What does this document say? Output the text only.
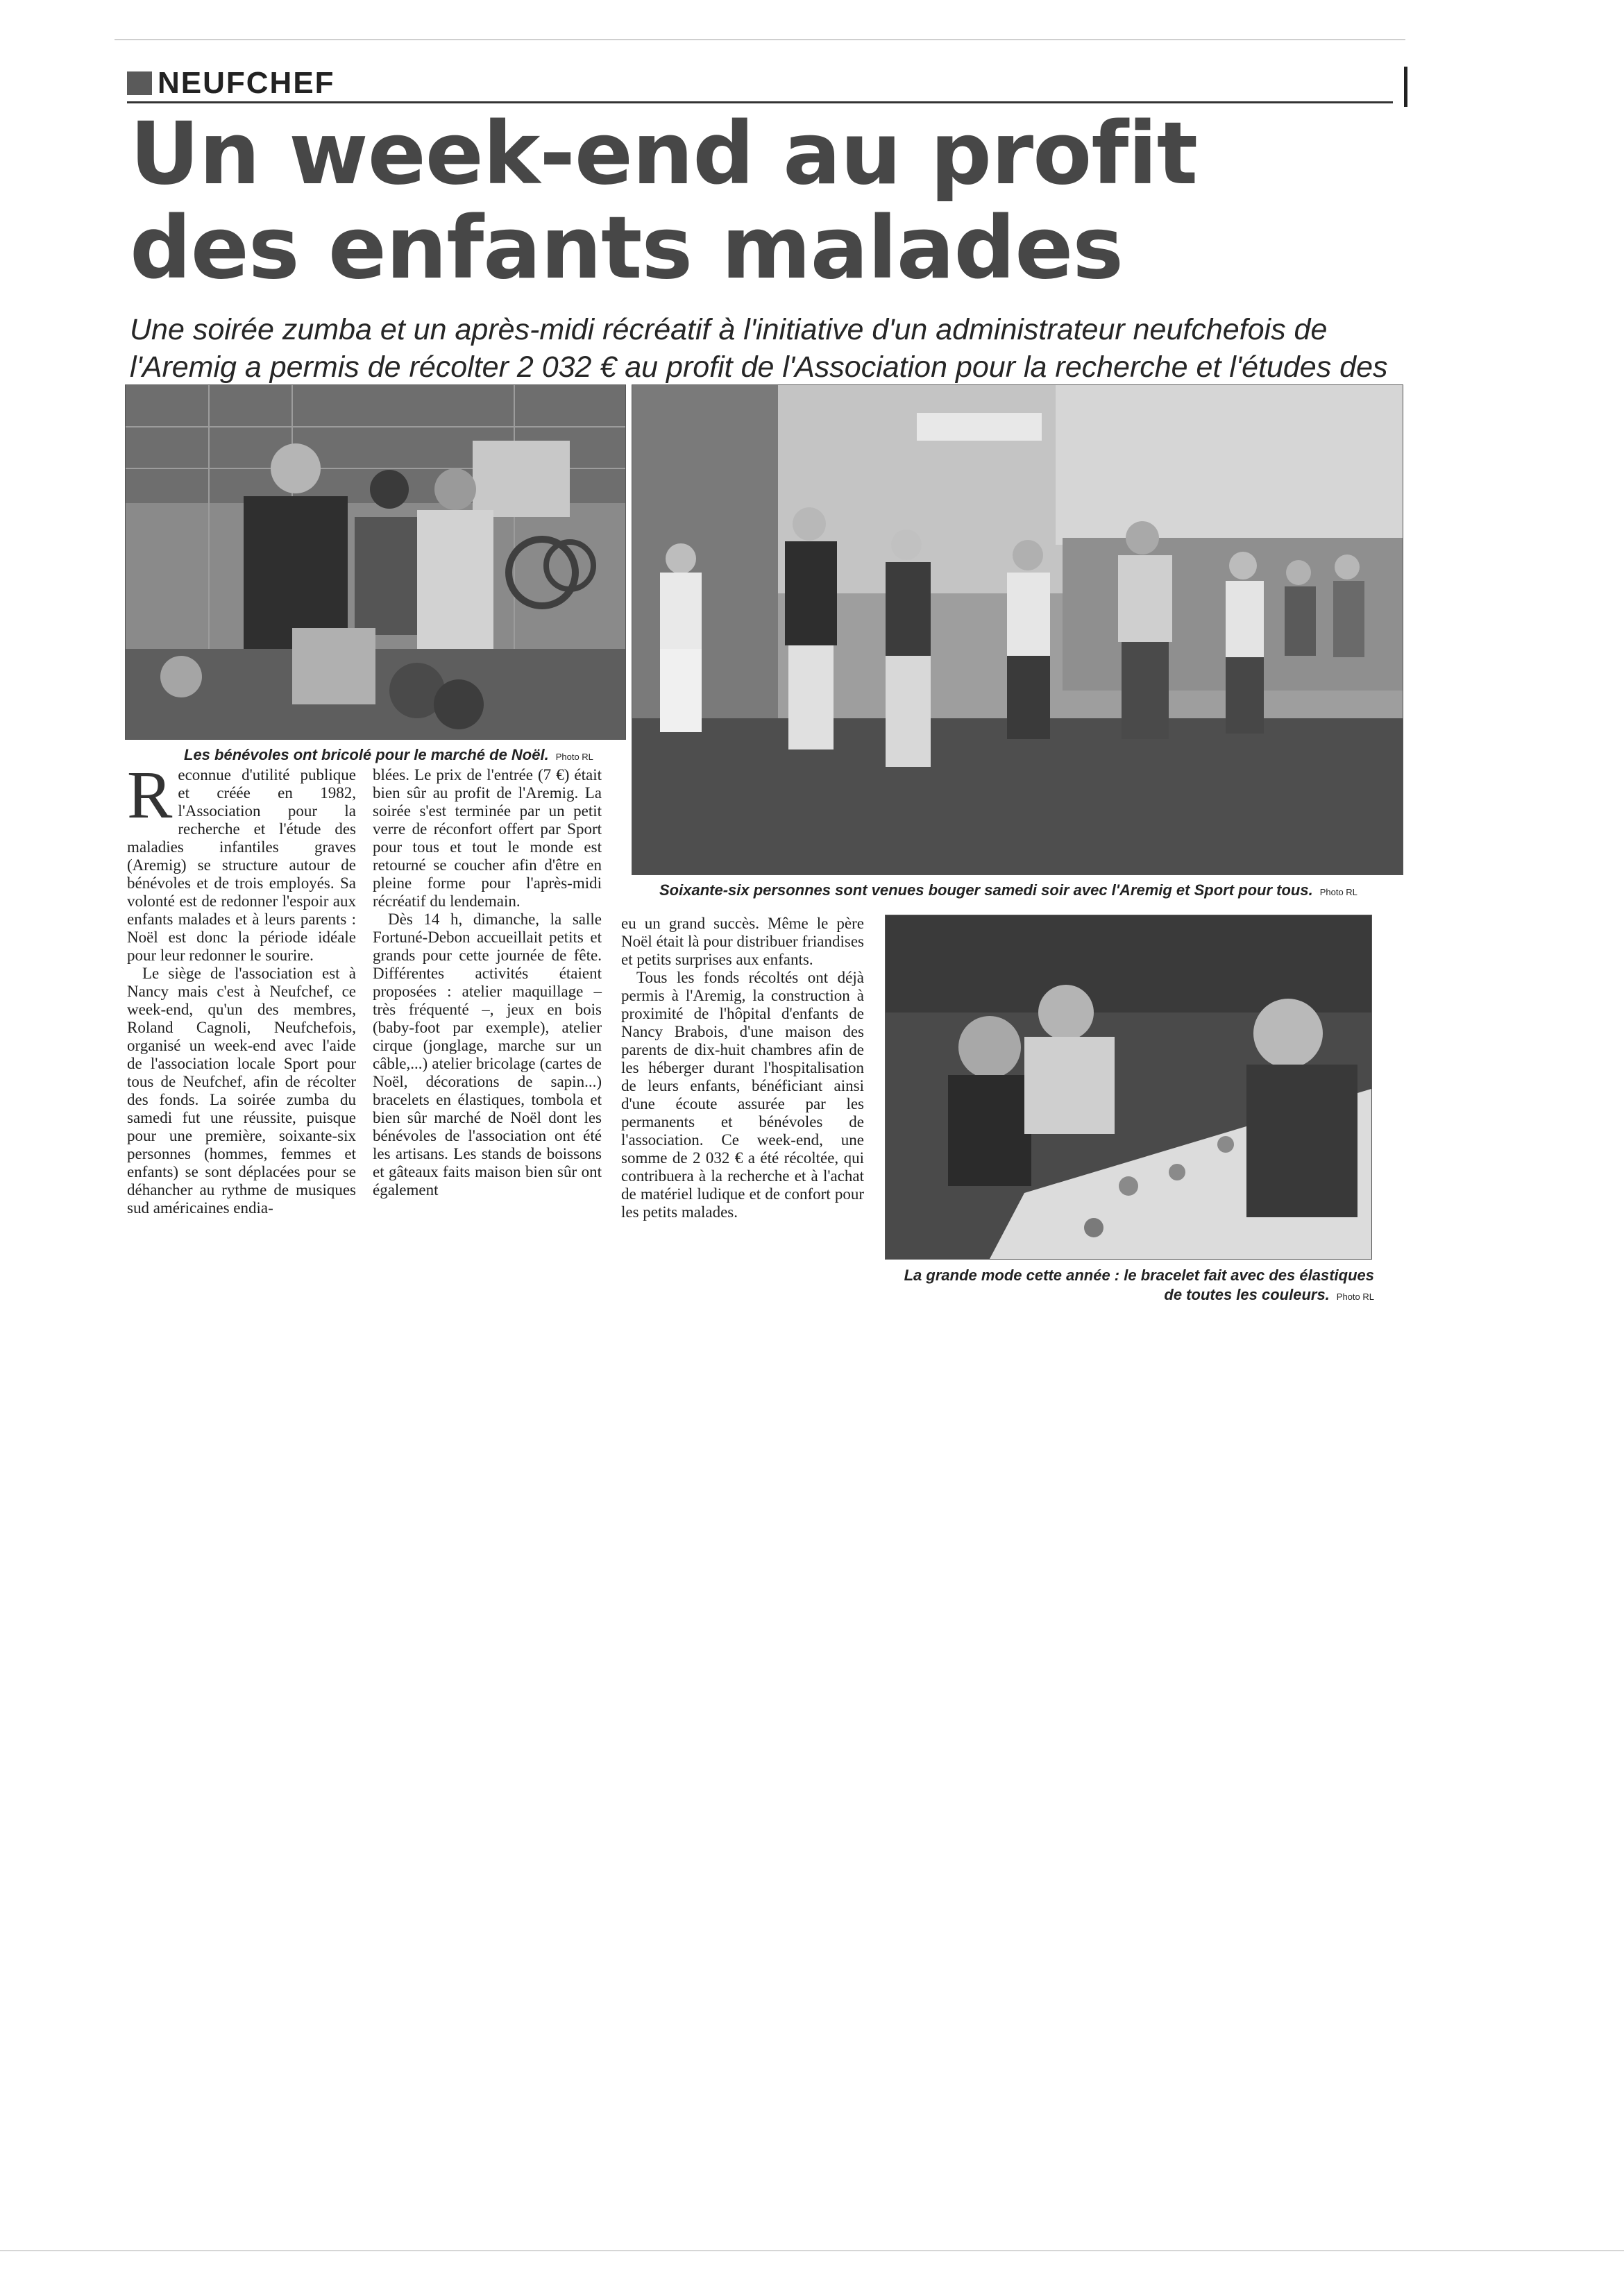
NEUFCHEF
Un week-end au profit
des enfants malades

Une soirée zumba et un après-midi récréatif à l'initiative d'un administrateur neufchefois de l'Aremig a permis de récolter 2 032 € au profit de l'Association pour la recherche et l'études des

Les bénévoles ont bricolé pour le marché de Noël. Photo RL
Soixante-six personnes sont venues bouger samedi soir avec l'Aremig et Sport pour tous. Photo RL
La grande mode cette année : le bracelet fait avec des élastiques de toutes les couleurs. Photo RL

Reconnue d'utilité publique et créée en 1982, l'Association pour la recherche et l'étude des maladies infantiles graves (Aremig) se structure autour de bénévoles et de trois employés. Sa volonté est de redonner l'espoir aux enfants malades et à leurs parents : Noël est donc la période idéale pour leur redonner le sourire.

Le siège de l'association est à Nancy mais c'est à Neufchef, ce week-end, qu'un des membres, Roland Cagnoli, Neufchefois, organisé un week-end avec l'aide de l'association locale Sport pour tous de Neufchef, afin de récolter des fonds. La soirée zumba du samedi fut une réussite, puisque pour une première, soixante-six personnes (hommes, femmes et enfants) se sont déplacées pour se déhancher au rythme de musiques sud américaines endia-

blées. Le prix de l'entrée (7 €) était bien sûr au profit de l'Aremig. La soirée s'est terminée par un petit verre de réconfort offert par Sport pour tous et tout le monde est retourné se coucher afin d'être en pleine forme pour l'après-midi récréatif du lendemain.

Dès 14 h, dimanche, la salle Fortuné-Debon accueillait petits et grands pour cette journée de fête. Différentes activités étaient proposées : atelier maquillage – très fréquenté –, jeux en bois (baby-foot par exemple), atelier cirque (jonglage, marche sur un câble,...) atelier bricolage (cartes de Noël, décorations de sapin...) bracelets en élastiques, tombola et bien sûr marché de Noël dont les bénévoles de l'association ont été les artisans. Les stands de boissons et gâteaux faits maison bien sûr ont également

eu un grand succès. Même le père Noël était là pour distribuer friandises et petits surprises aux enfants.

Tous les fonds récoltés ont déjà permis à l'Aremig, la construction à proximité de l'hôpital d'enfants de Nancy Brabois, d'une maison des parents de dix-huit chambres afin de les héberger durant l'hospitalisation de leurs enfants, bénéficiant ainsi d'une écoute assurée par les permanents et bénévoles de l'association. Ce week-end, une somme de 2 032 € a été récoltée, qui contribuera à la recherche et à l'achat de matériel ludique et de confort pour les petits malades.
